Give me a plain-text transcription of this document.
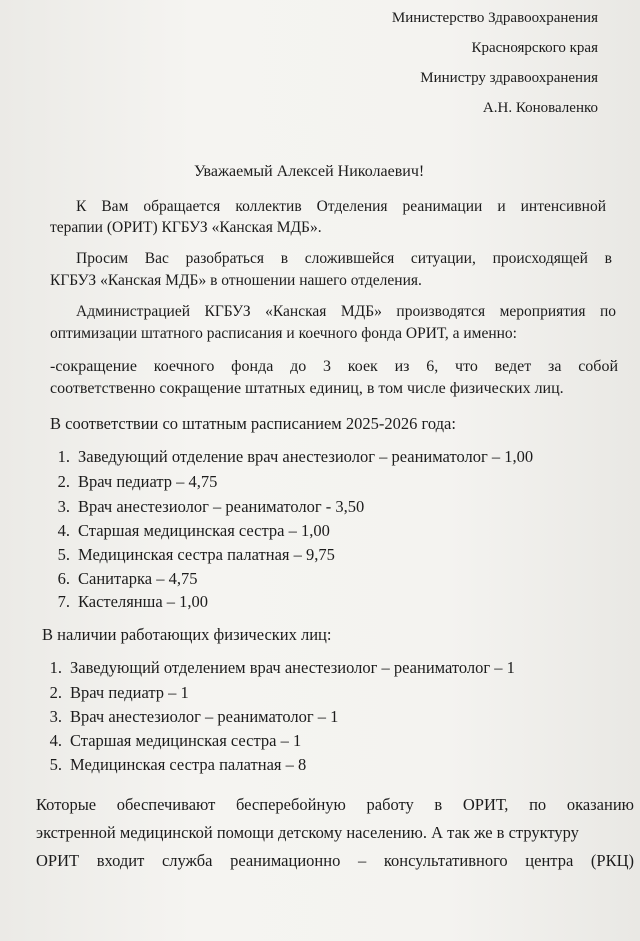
Министерство Здравоохранения
Красноярского края
Министру здравоохранения
А.Н. Коноваленко
Уважаемый Алексей Николаевич!
К Вам обращается коллектив Отделения реанимации и интенсивной
терапии (ОРИТ) КГБУЗ «Канская МДБ».
Просим Вас разобраться в сложившейся ситуации, происходящей в
КГБУЗ «Канская МДБ» в отношении нашего отделения.
Администрацией КГБУЗ «Канская МДБ» производятся мероприятия по
оптимизации штатного расписания и коечного фонда ОРИТ, а именно:
-сокращение коечного фонда до 3 коек из 6, что ведет за собой
соответственно сокращение штатных единиц, в том числе физических лиц.
В соответствии со штатным расписанием 2025-2026 года:
1. Заведующий отделение врач анестезиолог – реаниматолог – 1,00
2. Врач педиатр – 4,75
3. Врач анестезиолог – реаниматолог - 3,50
4. Старшая медицинская сестра – 1,00
5. Медицинская сестра палатная – 9,75
6. Санитарка – 4,75
7. Кастелянша – 1,00
В наличии работающих физических лиц:
1. Заведующий отделением врач анестезиолог – реаниматолог – 1
2. Врач педиатр – 1
3. Врач анестезиолог – реаниматолог – 1
4. Старшая медицинская сестра – 1
5. Медицинская сестра палатная – 8
Которые обеспечивают бесперебойную работу в ОРИТ, по оказанию
экстренной медицинской помощи детскому населению. А так же в структуру
ОРИТ входит служба реанимационно – консультативного центра (РКЦ)
